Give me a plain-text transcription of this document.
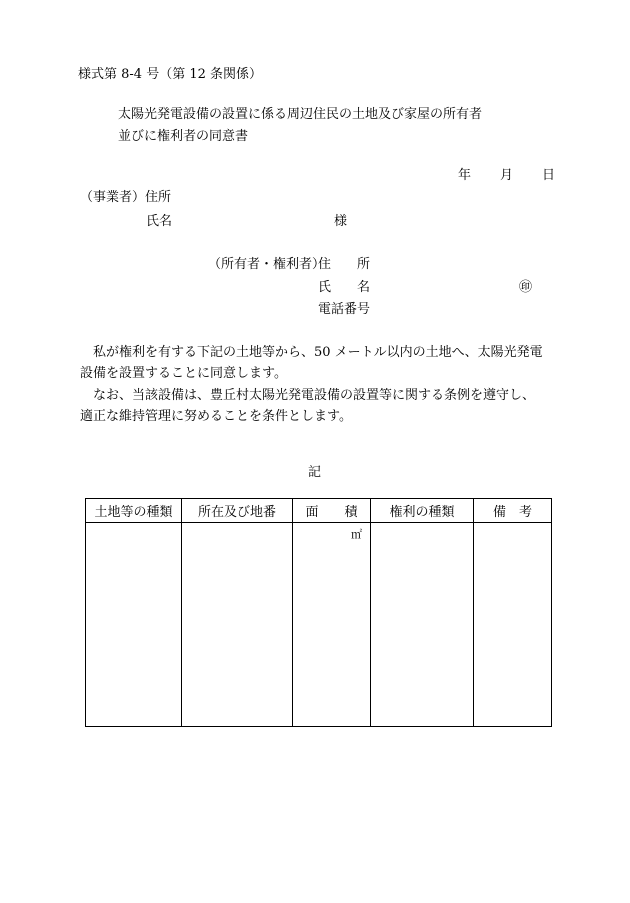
様式第 8-4 号（第 12 条関係）
太陽光発電設備の設置に係る周辺住民の土地及び家屋の所有者
並びに権利者の同意書
年 月 日
（事業者）住所
氏名	様
（所有者・権利者）
住　　所
氏　　名	㊞
電話番号
　私が権利を有する下記の土地等から、50 メートル以内の土地へ、太陽光発電
設備を設置することに同意します。
　なお、当該設備は、豊丘村太陽光発電設備の設置等に関する条例を遵守し、
適正な維持管理に努めることを条件とします。
記
土地等の種類	所在及び地番	面　　積	権利の種類	備　考

		㎡		
